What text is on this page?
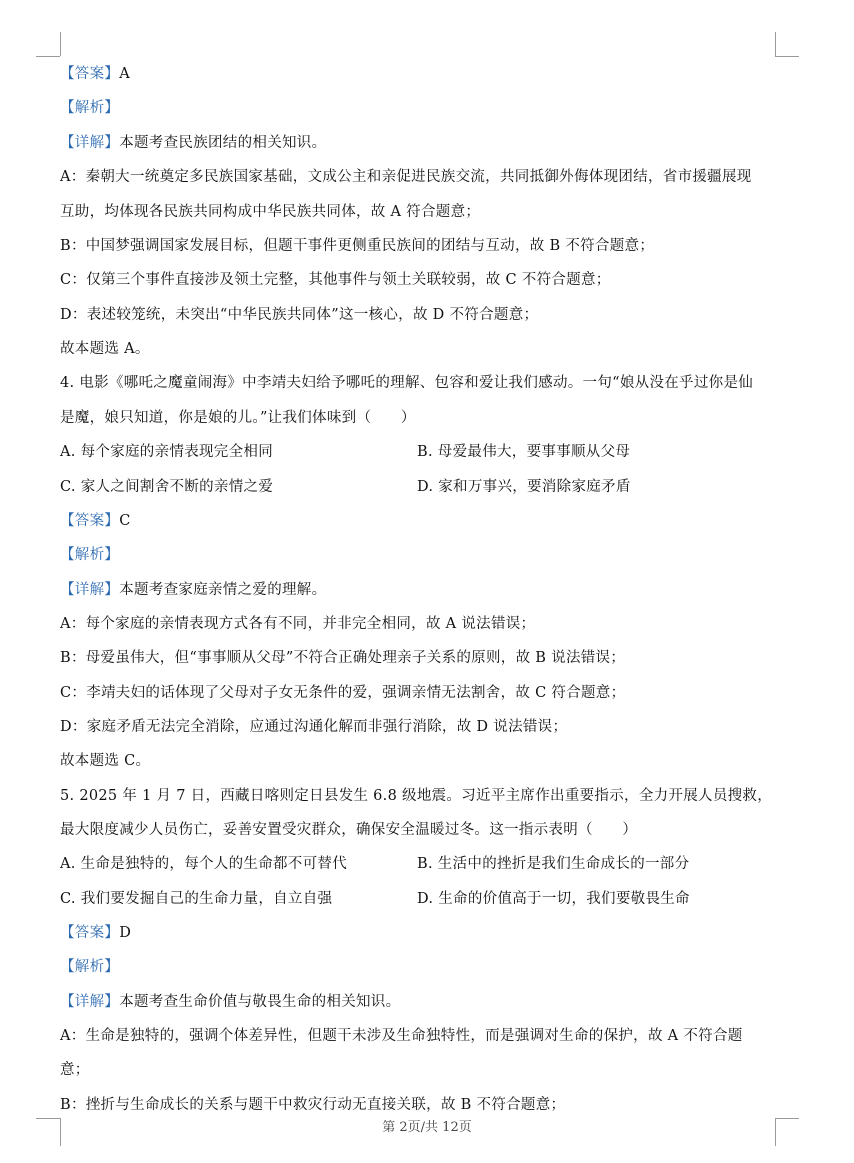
【答案】A
【解析】
【详解】本题考查民族团结的相关知识。
A：秦朝大一统奠定多民族国家基础，文成公主和亲促进民族交流，共同抵御外侮体现团结，省市援疆展现
互助，均体现各民族共同构成中华民族共同体，故 A 符合题意；
B：中国梦强调国家发展目标，但题干事件更侧重民族间的团结与互动，故 B 不符合题意；
C：仅第三个事件直接涉及领土完整，其他事件与领土关联较弱，故 C 不符合题意；
D：表述较笼统，未突出“中华民族共同体”这一核心，故 D 不符合题意；
故本题选 A。
4. 电影《哪吒之魔童闹海》中李靖夫妇给予哪吒的理解、包容和爱让我们感动。一句“娘从没在乎过你是仙
是魔，娘只知道，你是娘的儿。”让我们体味到（　　）
A. 每个家庭的亲情表现完全相同	B. 母爱最伟大，要事事顺从父母
C. 家人之间割舍不断的亲情之爱	D. 家和万事兴，要消除家庭矛盾
【答案】C
【解析】
【详解】本题考查家庭亲情之爱的理解。
A：每个家庭的亲情表现方式各有不同，并非完全相同，故 A 说法错误；
B：母爱虽伟大，但“事事顺从父母”不符合正确处理亲子关系的原则，故 B 说法错误；
C：李靖夫妇的话体现了父母对子女无条件的爱，强调亲情无法割舍，故 C 符合题意；
D：家庭矛盾无法完全消除，应通过沟通化解而非强行消除，故 D 说法错误；
故本题选 C。
5. 2025 年 1 月 7 日，西藏日喀则定日县发生 6.8 级地震。习近平主席作出重要指示，全力开展人员搜救，
最大限度减少人员伤亡，妥善安置受灾群众，确保安全温暖过冬。这一指示表明（　　）
A. 生命是独特的，每个人的生命都不可替代	B. 生活中的挫折是我们生命成长的一部分
C. 我们要发掘自己的生命力量，自立自强	D. 生命的价值高于一切，我们要敬畏生命
【答案】D
【解析】
【详解】本题考查生命价值与敬畏生命的相关知识。
A：生命是独特的，强调个体差异性，但题干未涉及生命独特性，而是强调对生命的保护，故 A 不符合题
意；
B：挫折与生命成长的关系与题干中救灾行动无直接关联，故 B 不符合题意；
第 2页/共 12页
